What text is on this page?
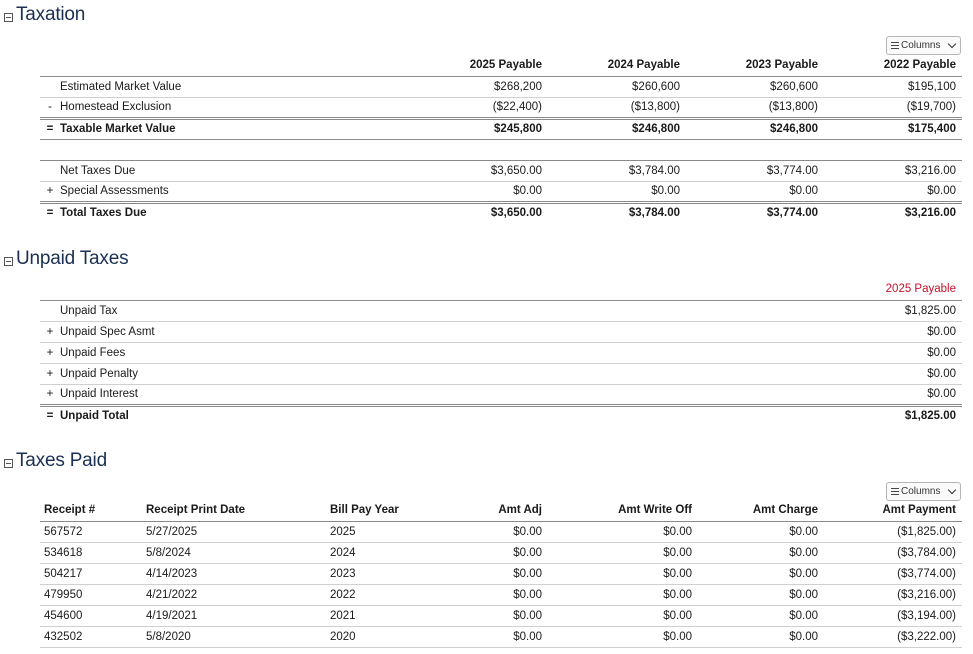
Taxation
Columns
		2025 Payable	2024 Payable	2023 Payable	2022 Payable
	Estimated Market Value	$268,200	$260,600	$260,600	$195,100
-	Homestead Exclusion	($22,400)	($13,800)	($13,800)	($19,700)
=	Taxable Market Value	$245,800	$246,800	$246,800	$175,400

	Net Taxes Due	$3,650.00	$3,784.00	$3,774.00	$3,216.00
+	Special Assessments	$0.00	$0.00	$0.00	$0.00
=	Total Taxes Due	$3,650.00	$3,784.00	$3,774.00	$3,216.00
Unpaid Taxes
		2025 Payable
	Unpaid Tax	$1,825.00
+	Unpaid Spec Asmt	$0.00
+	Unpaid Fees	$0.00
+	Unpaid Penalty	$0.00
+	Unpaid Interest	$0.00
=	Unpaid Total	$1,825.00
Taxes Paid
Columns
Receipt #	Receipt Print Date	Bill Pay Year	Amt Adj	Amt Write Off	Amt Charge	Amt Payment
567572	5/27/2025	2025	$0.00	$0.00	$0.00	($1,825.00)
534618	5/8/2024	2024	$0.00	$0.00	$0.00	($3,784.00)
504217	4/14/2023	2023	$0.00	$0.00	$0.00	($3,774.00)
479950	4/21/2022	2022	$0.00	$0.00	$0.00	($3,216.00)
454600	4/19/2021	2021	$0.00	$0.00	$0.00	($3,194.00)
432502	5/8/2020	2020	$0.00	$0.00	$0.00	($3,222.00)
